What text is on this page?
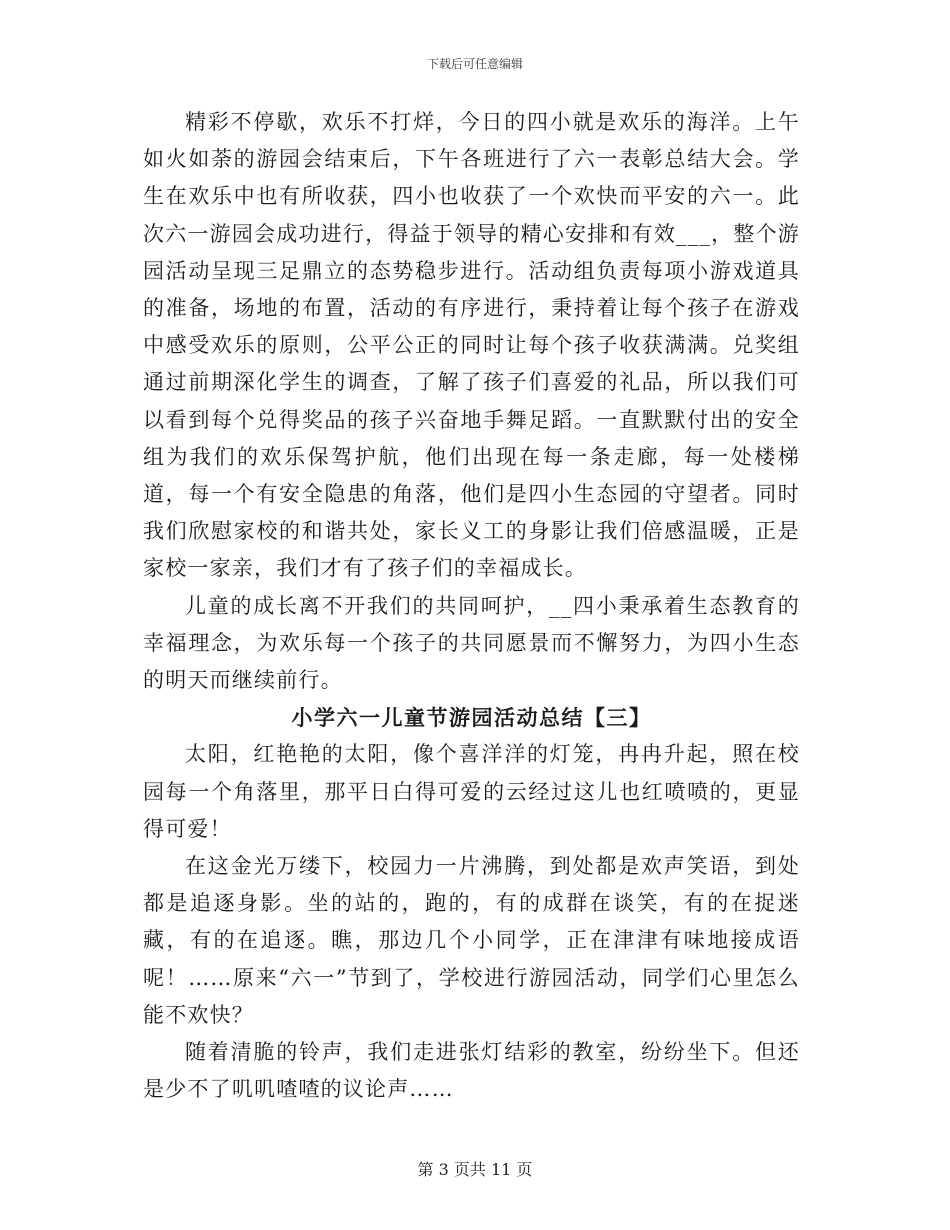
下载后可任意编辑

精彩不停歇，欢乐不打烊，今日的四小就是欢乐的海洋。上午如火如荼的游园会结束后，下午各班进行了六一表彰总结大会。学生在欢乐中也有所收获，四小也收获了一个欢快而平安的六一。此次六一游园会成功进行，得益于领导的精心安排和有效___，整个游园活动呈现三足鼎立的态势稳步进行。活动组负责每项小游戏道具的准备，场地的布置，活动的有序进行，秉持着让每个孩子在游戏中感受欢乐的原则，公平公正的同时让每个孩子收获满满。兑奖组通过前期深化学生的调查，了解了孩子们喜爱的礼品，所以我们可以看到每个兑得奖品的孩子兴奋地手舞足蹈。一直默默付出的安全组为我们的欢乐保驾护航，他们出现在每一条走廊，每一处楼梯道，每一个有安全隐患的角落，他们是四小生态园的守望者。同时我们欣慰家校的和谐共处，家长义工的身影让我们倍感温暖，正是家校一家亲，我们才有了孩子们的幸福成长。

儿童的成长离不开我们的共同呵护，__四小秉承着生态教育的幸福理念，为欢乐每一个孩子的共同愿景而不懈努力，为四小生态的明天而继续前行。

小学六一儿童节游园活动总结【三】

太阳，红艳艳的太阳，像个喜洋洋的灯笼，冉冉升起，照在校园每一个角落里，那平日白得可爱的云经过这儿也红喷喷的，更显得可爱！

在这金光万缕下，校园力一片沸腾，到处都是欢声笑语，到处都是追逐身影。坐的站的，跑的，有的成群在谈笑，有的在捉迷藏，有的在追逐。瞧，那边几个小同学，正在津津有味地接成语呢！……原来“六一”节到了，学校进行游园活动，同学们心里怎么能不欢快？

随着清脆的铃声，我们走进张灯结彩的教室，纷纷坐下。但还是少不了叽叽喳喳的议论声……

第 3 页共 11 页
